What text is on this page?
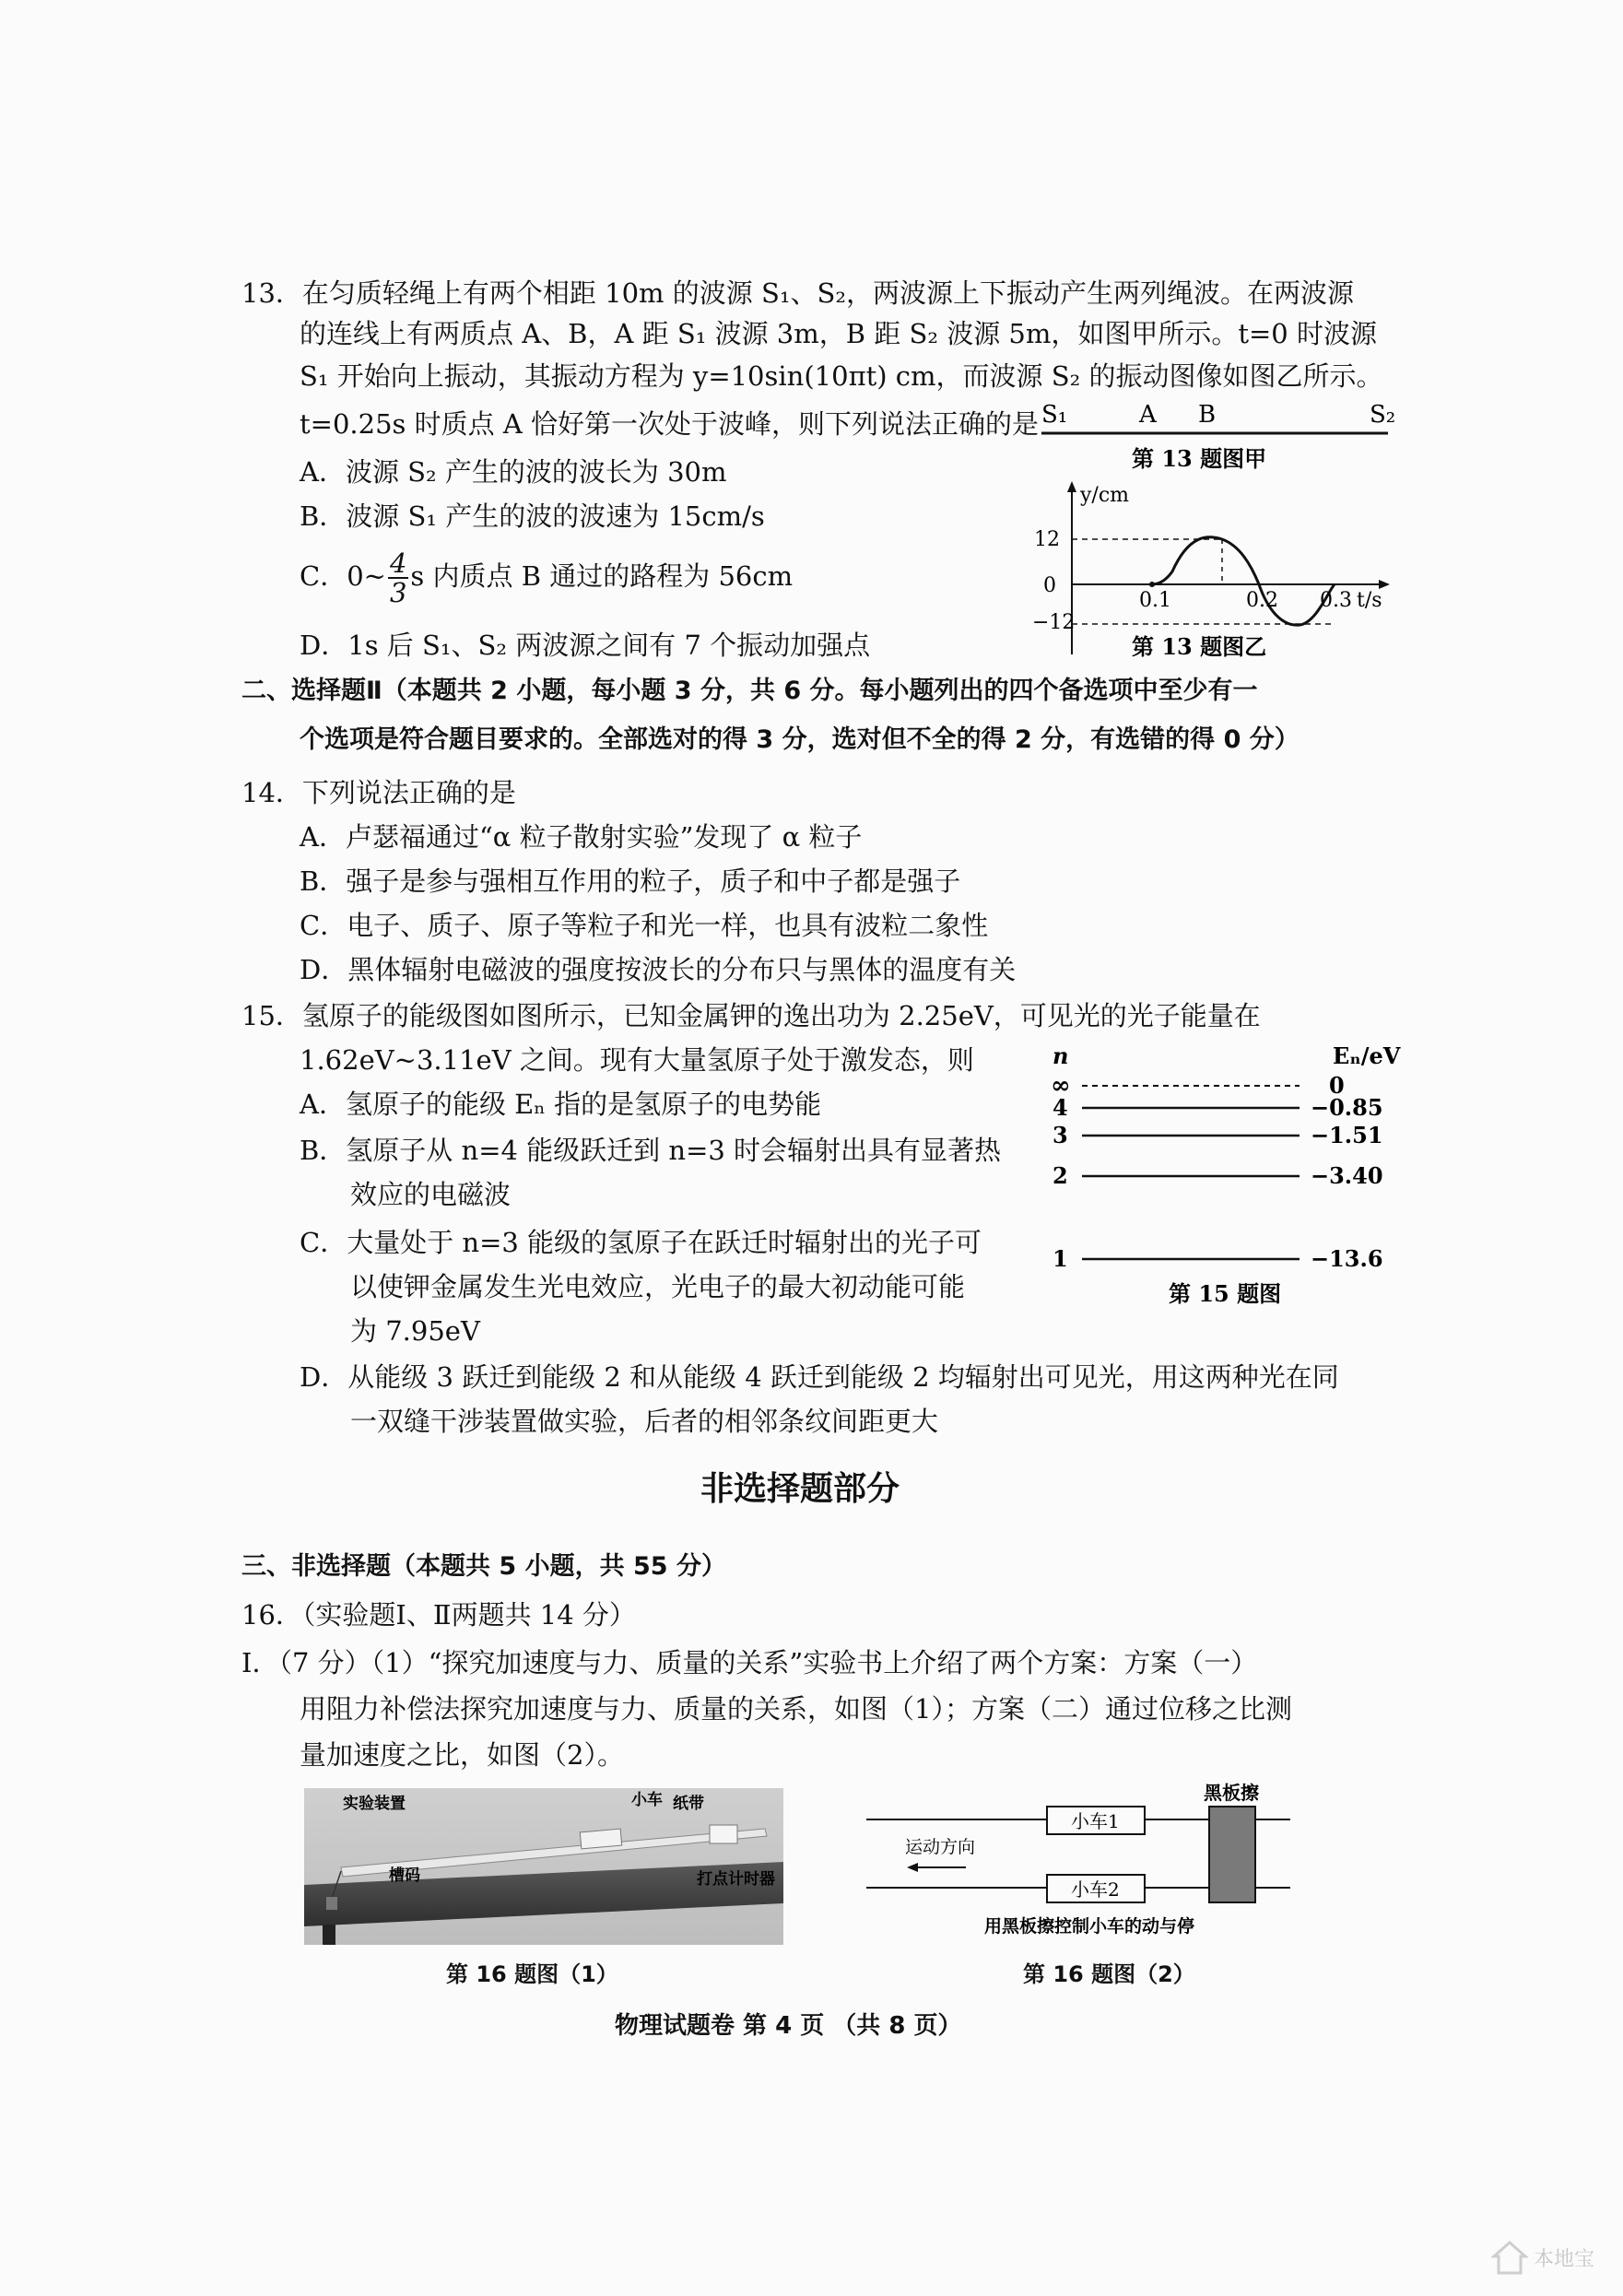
13．在匀质轻绳上有两个相距 10m 的波源 S₁、S₂，两波源上下振动产生两列绳波。在两波源
的连线上有两质点 A、B，A 距 S₁ 波源 3m，B 距 S₂ 波源 5m，如图甲所示。t=0 时波源
S₁ 开始向上振动，其振动方程为 y=10sin(10πt) cm，而波源 S₂ 的振动图像如图乙所示。
t=0.25s 时质点 A 恰好第一次处于波峰，则下列说法正确的是
A．波源 S₂ 产生的波的波长为 30m
B．波源 S₁ 产生的波的波速为 15cm/s
C．0~ $\frac{4}{3}$ s 内质点 B 通过的路程为 56cm
D．1s 后 S₁、S₂ 两波源之间有 7 个振动加强点
S₁	A B	S₂
第 13 题图甲
y/cm
t/s
12
0
−12
0.1	0.2 0.3
第 13 题图乙
二、选择题Ⅱ（本题共 2 小题，每小题 3 分，共 6 分。每小题列出的四个备选项中至少有一
个选项是符合题目要求的。全部选对的得 3 分，选对但不全的得 2 分，有选错的得 0 分）
14．下列说法正确的是
A．卢瑟福通过“α 粒子散射实验”发现了 α 粒子
B．强子是参与强相互作用的粒子，质子和中子都是强子
C．电子、质子、原子等粒子和光一样，也具有波粒二象性
D．黑体辐射电磁波的强度按波长的分布只与黑体的温度有关
15．氢原子的能级图如图所示，已知金属钾的逸出功为 2.25eV，可见光的光子能量在
1.62eV~3.11eV 之间。现有大量氢原子处于激发态，则
A．氢原子的能级 Eₙ 指的是氢原子的电势能
B．氢原子从 n=4 能级跃迁到 n=3 时会辐射出具有显著热
效应的电磁波
C．大量处于 n=3 能级的氢原子在跃迁时辐射出的光子可
以使钾金属发生光电效应，光电子的最大初动能可能
为 7.95eV
D．从能级 3 跃迁到能级 2 和从能级 4 跃迁到能级 2 均辐射出可见光，用这两种光在同
一双缝干涉装置做实验，后者的相邻条纹间距更大
n	Eₙ/eV
∞	0
4	−0.85
3	−1.51
2	−3.40
1	−13.6
第 15 题图
非选择题部分
三、非选择题（本题共 5 小题，共 55 分）
16．（实验题Ⅰ、Ⅱ两题共 14 分）
Ⅰ．（7 分）（1）“探究加速度与力、质量的关系”实验书上介绍了两个方案：方案（一）
用阻力补偿法探究加速度与力、质量的关系，如图（1）；方案（二）通过位移之比测
量加速度之比，如图（2）。
实验装置	小车 纸带
槽码	打点计时器
第 16 题图（1）
黑板擦
小车1
小车2
运动方向
用黑板擦控制小车的动与停
第 16 题图（2）
物理试题卷 第 4 页 （共 8 页）
本地宝
